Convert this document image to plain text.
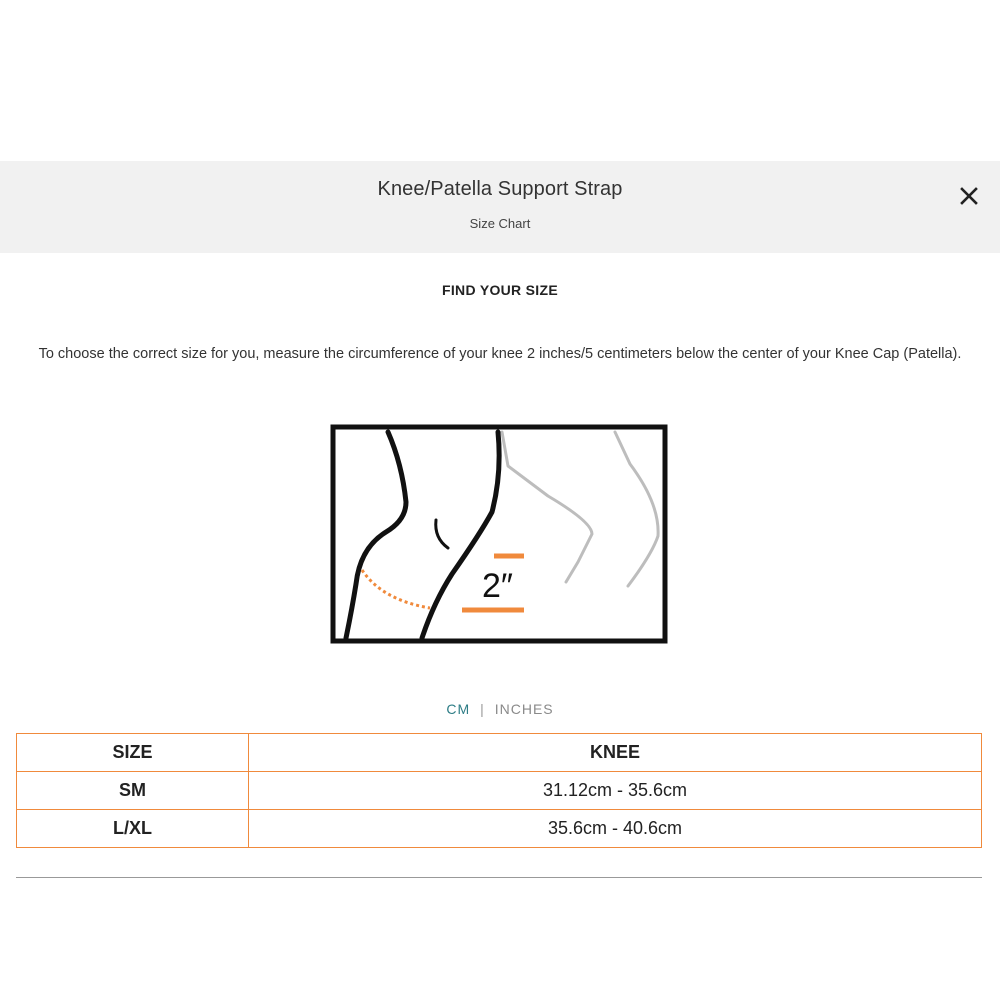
Knee/Patella Support Strap
Size Chart
FIND YOUR SIZE
To choose the correct size for you, measure the circumference of your knee 2 inches/5 centimeters below the center of your Knee Cap (Patella).
2″
CM | INCHES
SIZE	KNEE
SM	31.12cm - 35.6cm
L/XL	35.6cm - 40.6cm
